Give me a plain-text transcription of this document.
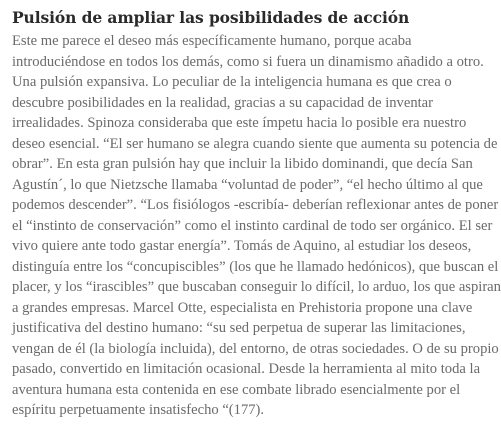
Pulsión de ampliar las posibilidades de acción

Este me parece el deseo más específicamente humano, porque acaba
introduciéndose en todos los demás, como si fuera un dinamismo añadido a otro.
Una pulsión expansiva. Lo peculiar de la inteligencia humana es que crea o
descubre posibilidades en la realidad, gracias a su capacidad de inventar
irrealidades. Spinoza consideraba que este ímpetu hacia lo posible era nuestro
deseo esencial. “El ser humano se alegra cuando siente que aumenta su potencia de
obrar”. En esta gran pulsión hay que incluir la libido dominandi, que decía San
Agustín´, lo que Nietzsche llamaba “voluntad de poder”, “el hecho último al que
podemos descender”. “Los fisiólogos -escribía- deberían reflexionar antes de poner
el “instinto de conservación” como el instinto cardinal de todo ser orgánico. El ser
vivo quiere ante todo gastar energía”. Tomás de Aquino, al estudiar los deseos,
distinguía entre los “concupiscibles” (los que he llamado hedónicos), que buscan el
placer, y los “irascibles” que buscaban conseguir lo difícil, lo arduo, los que aspiran
a grandes empresas. Marcel Otte, especialista en Prehistoria propone una clave
justificativa del destino humano: “su sed perpetua de superar las limitaciones,
vengan de él (la biología incluida), del entorno, de otras sociedades. O de su propio
pasado, convertido en limitación ocasional. Desde la herramienta al mito toda la
aventura humana esta contenida en ese combate librado esencialmente por el
espíritu perpetuamente insatisfecho “(177).
